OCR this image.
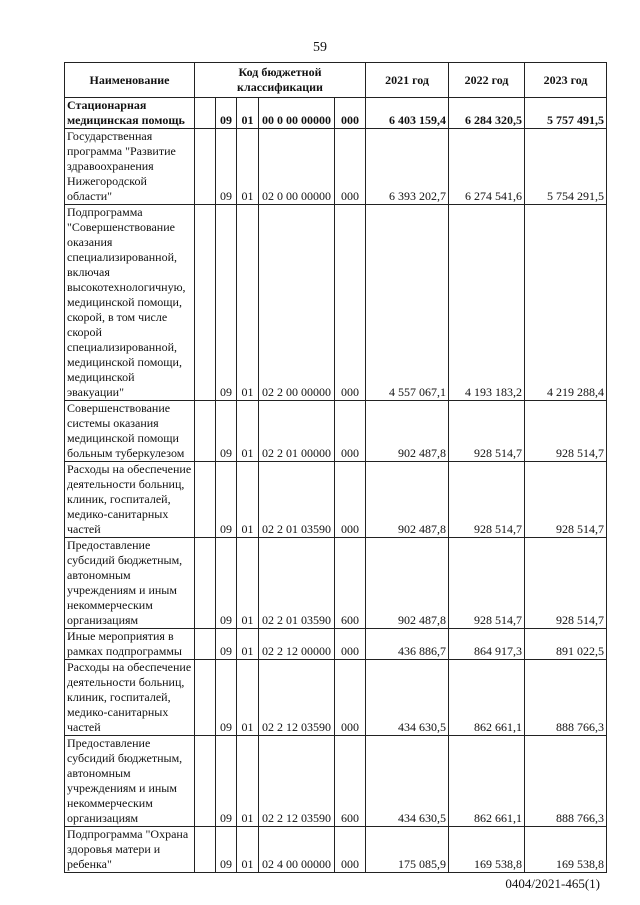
59
Наименование	Код бюджетной классификации					2021 год	2022 год	2023 год

Стационарная медицинская помощь		09	01	00 0 00 00000	000	6 403 159,4	6 284 320,5	5 757 491,5

Государственная программа "Развитие здравоохранения Нижегородской области"		09	01	02 0 00 00000	000	6 393 202,7	6 274 541,6	5 754 291,5

Подпрограмма "Совершенствование оказания специализированной, включая высокотехнологичную, медицинской помощи, скорой, в том числе скорой специализированной, медицинской помощи, медицинской эвакуации"		09	01	02 2 00 00000	000	4 557 067,1	4 193 183,2	4 219 288,4

Совершенствование системы оказания медицинской помощи больным туберкулезом		09	01	02 2 01 00000	000	902 487,8	928 514,7	928 514,7

Расходы на обеспечение деятельности больниц, клиник, госпиталей, медико-санитарных частей		09	01	02 2 01 03590	000	902 487,8	928 514,7	928 514,7

Предоставление субсидий бюджетным, автономным учреждениям и иным некоммерческим организациям		09	01	02 2 01 03590	600	902 487,8	928 514,7	928 514,7

Иные мероприятия в рамках подпрограммы		09	01	02 2 12 00000	000	436 886,7	864 917,3	891 022,5

Расходы на обеспечение деятельности больниц, клиник, госпиталей, медико-санитарных частей		09	01	02 2 12 03590	000	434 630,5	862 661,1	888 766,3

Предоставление субсидий бюджетным, автономным учреждениям и иным некоммерческим организациям		09	01	02 2 12 03590	600	434 630,5	862 661,1	888 766,3

Подпрограмма "Охрана здоровья матери и ребенка"		09	01	02 4 00 00000	000	175 085,9	169 538,8	169 538,8
0404/2021-465(1)
